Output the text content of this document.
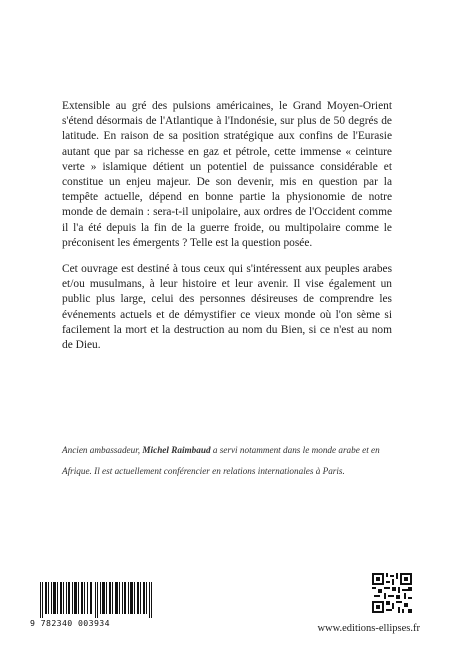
Extensible au gré des pulsions américaines, le Grand Moyen-Orient s'étend désormais de l'Atlantique à l'Indonésie, sur plus de 50 degrés de latitude. En raison de sa position stratégique aux confins de l'Eurasie autant que par sa richesse en gaz et pétrole, cette immense « ceinture verte » islamique détient un potentiel de puissance considérable et constitue un enjeu majeur. De son devenir, mis en question par la tempête actuelle, dépend en bonne partie la physionomie de notre monde de demain : sera-t-il unipolaire, aux ordres de l'Occident comme il l'a été depuis la fin de la guerre froide, ou multipolaire comme le préconisent les émergents ? Telle est la question posée.

Cet ouvrage est destiné à tous ceux qui s'intéressent aux peuples arabes et/ou musulmans, à leur histoire et leur avenir. Il vise également un public plus large, celui des personnes désireuses de comprendre les événements actuels et de démystifier ce vieux monde où l'on sème si facilement la mort et la destruction au nom du Bien, si ce n'est au nom de Dieu.

Ancien ambassadeur, Michel Raimbaud a servi notamment dans le monde arabe et en Afrique. Il est actuellement conférencier en relations internationales à Paris.
9 782340 003934	www.editions-ellipses.fr
